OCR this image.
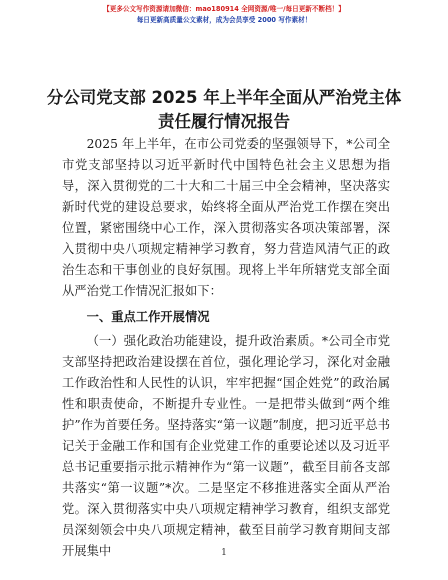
【更多公文写作资源请加微信：mao180914 全网资源/唯一/每日更新不断档！】
每日更新高质量公文素材，成为会员享受 2000 写作素材！
分公司党支部 2025 年上半年全面从严治党主体
责任履行情况报告

2025 年上半年，在市公司党委的坚强领导下，*公司全市党支部坚持以习近平新时代中国特色社会主义思想为指导，深入贯彻党的二十大和二十届三中全会精神，坚决落实新时代党的建设总要求，始终将全面从严治党工作摆在突出位置，紧密围绕中心工作，深入贯彻落实各项决策部署，深入贯彻中央八项规定精神学习教育，努力营造风清气正的政治生态和干事创业的良好氛围。现将上半年所辖党支部全面从严治党工作情况汇报如下：

一、重点工作开展情况

（一）强化政治功能建设，提升政治素质。*公司全市党支部坚持把政治建设摆在首位，强化理论学习，深化对金融工作政治性和人民性的认识，牢牢把握“国企姓党”的政治属性和职责使命，不断提升专业性。一是把带头做到“两个维护”作为首要任务。坚持落实“第一议题”制度，把习近平总书记关于金融工作和国有企业党建工作的重要论述以及习近平总书记重要指示批示精神作为“第一议题”，截至目前各支部共落实“第一议题”*次。二是坚定不移推进落实全面从严治党。深入贯彻落实中央八项规定精神学习教育，组织支部党员深刻领会中央八项规定精神，截至目前学习教育期间支部开展集中	1
